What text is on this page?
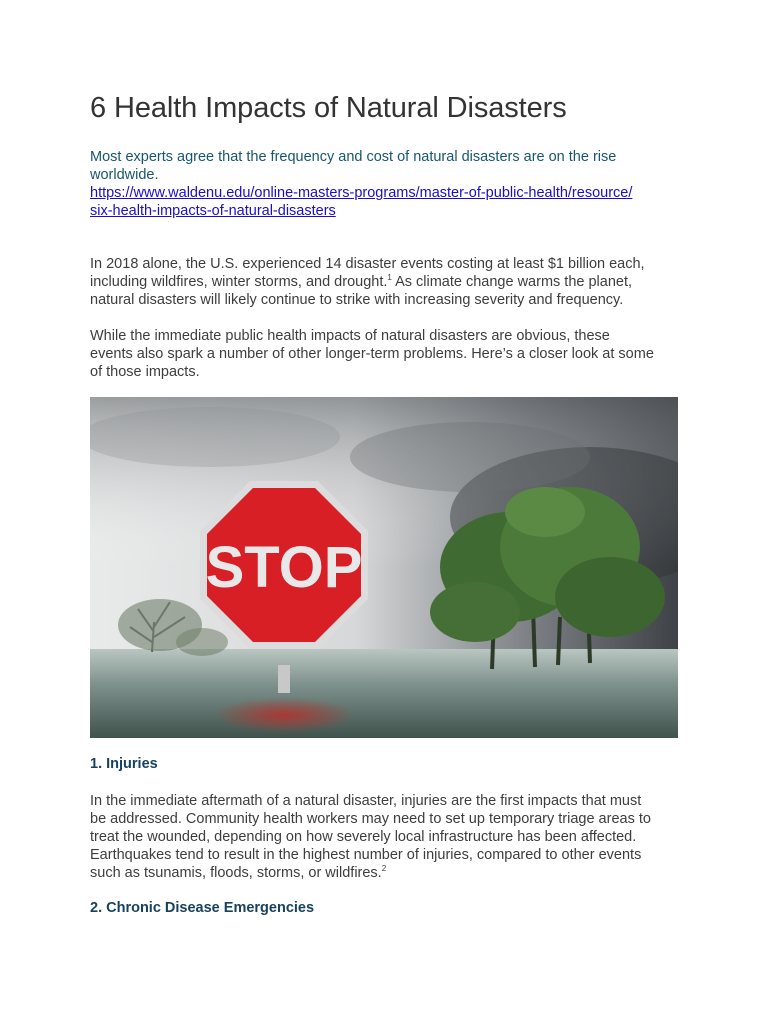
6 Health Impacts of Natural Disasters
Most experts agree that the frequency and cost of natural disasters are on the rise
worldwide.
https://www.waldenu.edu/online-masters-programs/master-of-public-health/resource/
six-health-impacts-of-natural-disasters

In 2018 alone, the U.S. experienced 14 disaster events costing at least $1 billion each,
including wildfires, winter storms, and drought.$^1$ As climate change warms the planet,
natural disasters will likely continue to strike with increasing severity and frequency.

While the immediate public health impacts of natural disasters are obvious, these
events also spark a number of other longer-term problems. Here’s a closer look at some
of those impacts.

STOP
1. Injuries

In the immediate aftermath of a natural disaster, injuries are the first impacts that must
be addressed. Community health workers may need to set up temporary triage areas to
treat the wounded, depending on how severely local infrastructure has been affected.
Earthquakes tend to result in the highest number of injuries, compared to other events
such as tsunamis, floods, storms, or wildfires.$^2$

2. Chronic Disease Emergencies
